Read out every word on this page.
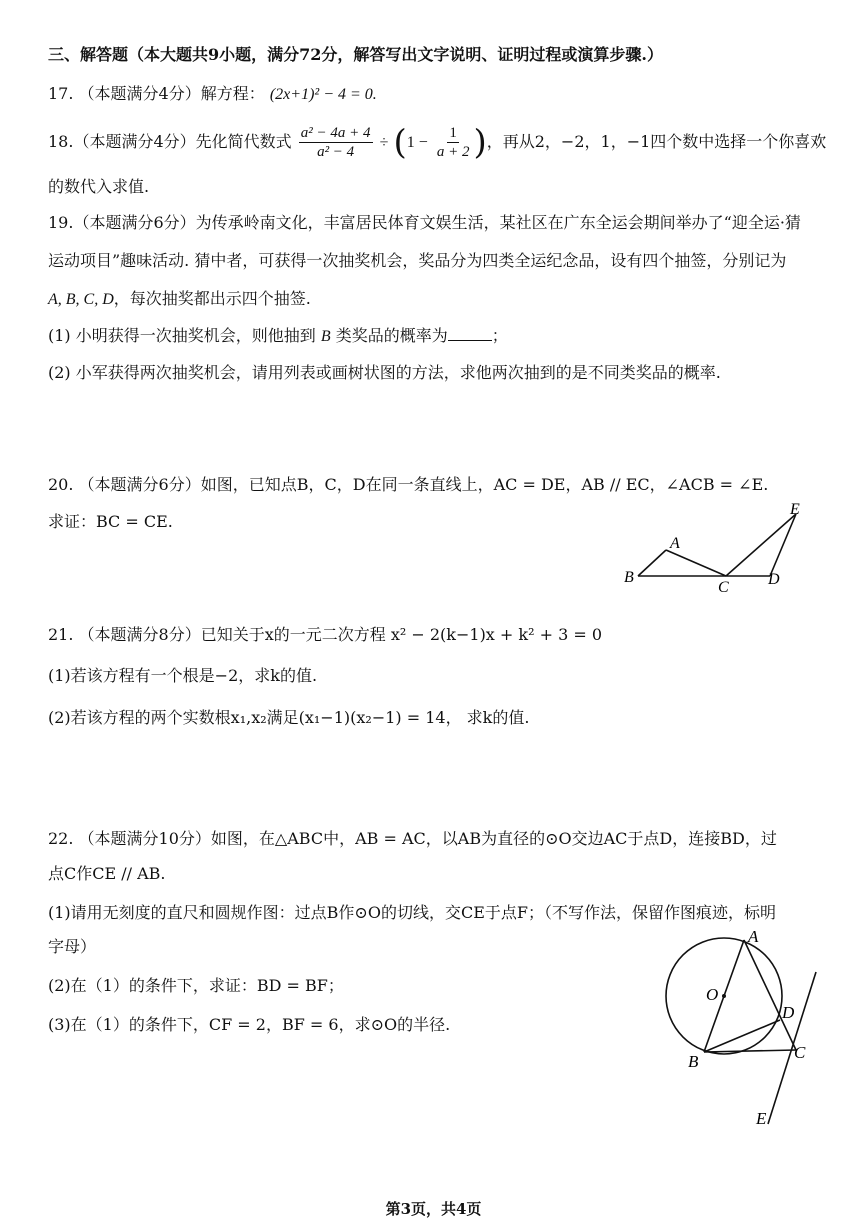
三、解答题（本大题共9小题，满分72分，解答写出文字说明、证明过程或演算步骤.）
17. （本题满分4分）解方程： (2x+1)² − 4 = 0.
18.（本题满分4分）先化简代数式 $\frac{\text{a² − 4a + 4}}{\text{a² − 4}} \div (1 - \frac{1}{a + 2}$ )，再从2，−2，1，−1四个数中选择一个你喜欢
的数代入求值.
19.（本题满分6分）为传承岭南文化，丰富居民体育文娱生活，某社区在广东全运会期间举办了“迎全运·猜
运动项目”趣味活动. 猜中者，可获得一次抽奖机会，奖品分为四类全运纪念品，设有四个抽签，分别记为
A, B, C, D，每次抽奖都出示四个抽签.
(1) 小明获得一次抽奖机会，则他抽到 B 类奖品的概率为	；
(2) 小军获得两次抽奖机会，请用列表或画树状图的方法，求他两次抽到的是不同类奖品的概率.
20. （本题满分6分）如图，已知点B，C，D在同一条直线上，AC = DE，AB // EC，∠ACB = ∠E.
求证：BC = CE.
A
B
C D
E
21. （本题满分8分）已知关于x的一元二次方程 x² − 2(k−1)x + k² + 3 = 0
(1)若该方程有一个根是−2，求k的值.
(2)若该方程的两个实数根x₁,x₂满足(x₁−1)(x₂−1) = 14， 求k的值.
22. （本题满分10分）如图，在△ABC中，AB = AC，以AB为直径的⊙O交边AC于点D，连接BD，过
点C作CE // AB.
(1)请用无刻度的直尺和圆规作图：过点B作⊙O的切线，交CE于点F；（不写作法，保留作图痕迹，标明
字母）
(2)在（1）的条件下，求证：BD = BF；
(3)在（1）的条件下，CF = 2，BF = 6，求⊙O的半径.
A
O
D
B	C
E
第3页，共4页
